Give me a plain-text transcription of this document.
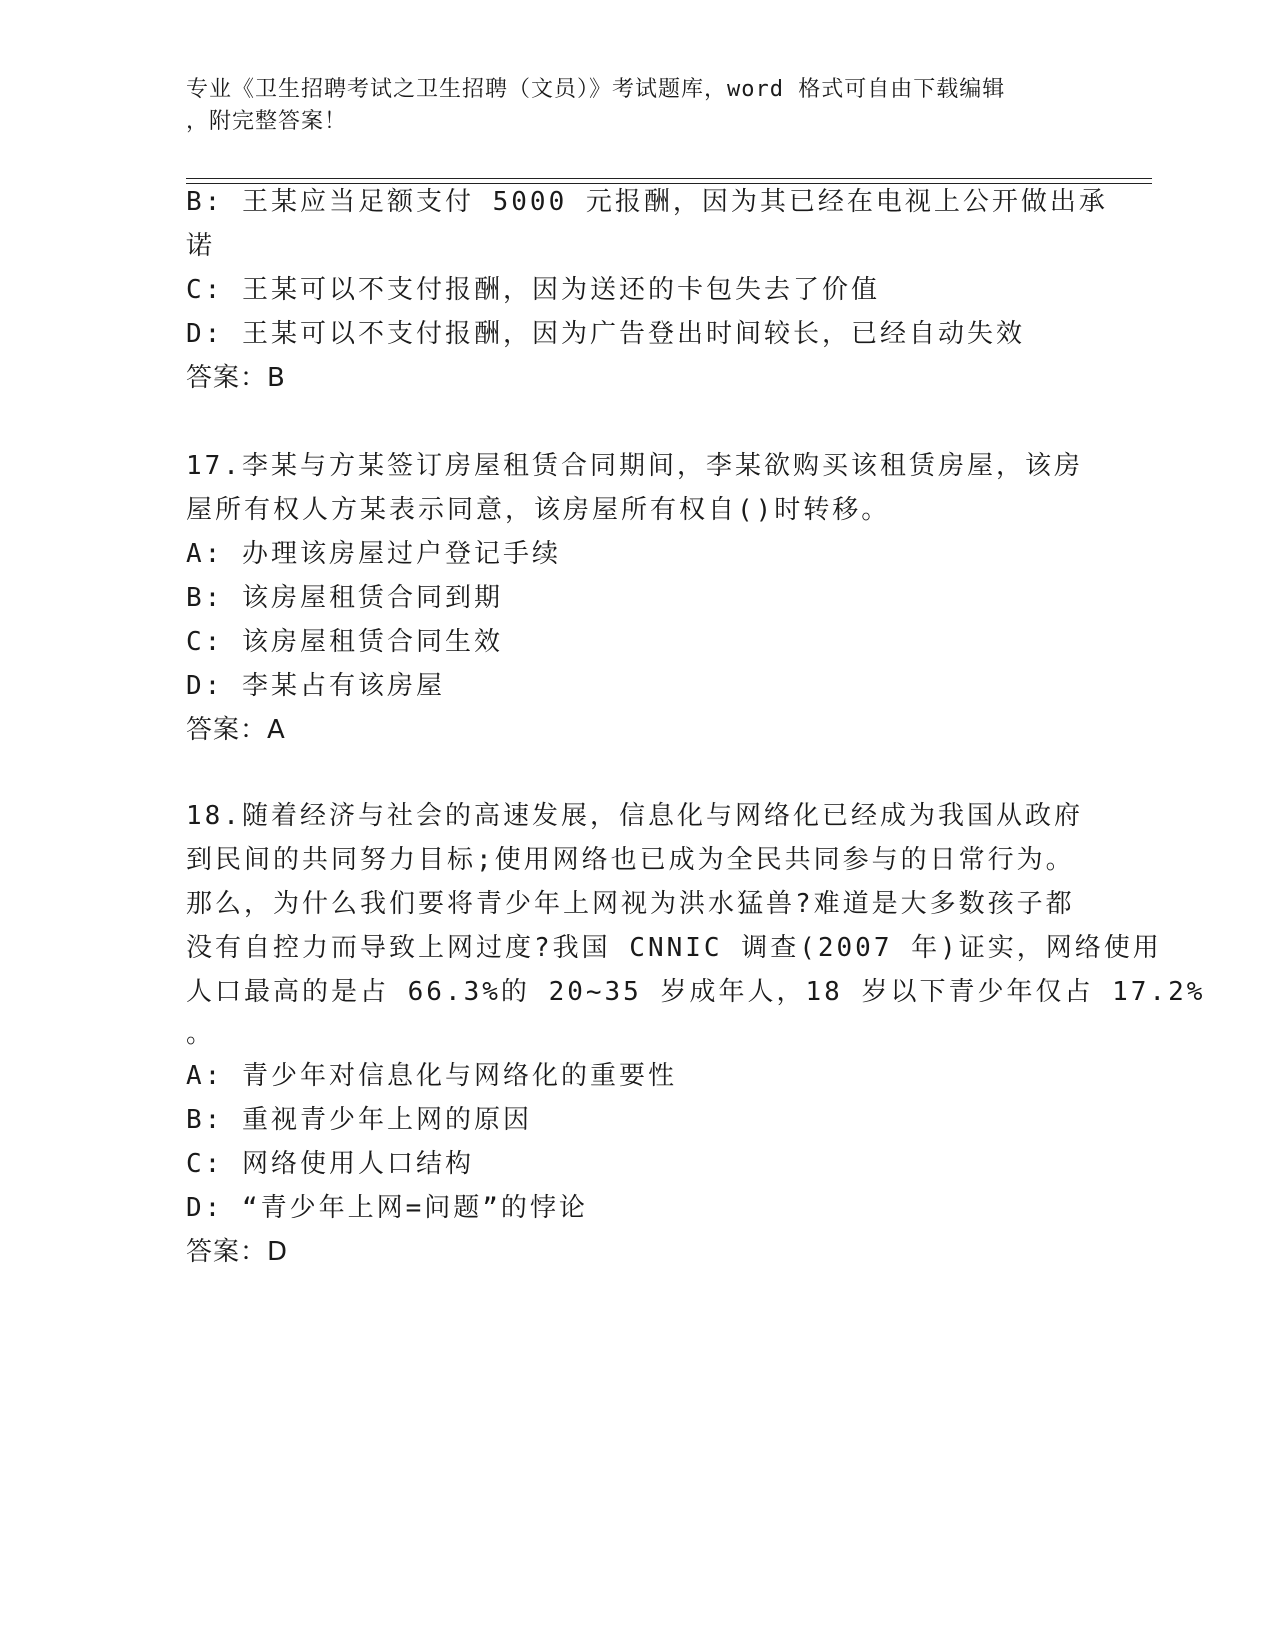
专业《卫生招聘考试之卫生招聘（文员）》考试题库，word 格式可自由下载编辑
，附完整答案！
B: 王某应当足额支付 5000 元报酬，因为其已经在电视上公开做出承
诺
C: 王某可以不支付报酬，因为送还的卡包失去了价值
D: 王某可以不支付报酬，因为广告登出时间较长，已经自动失效
答案：B
17.李某与方某签订房屋租赁合同期间，李某欲购买该租赁房屋，该房
屋所有权人方某表示同意，该房屋所有权自()时转移。
A: 办理该房屋过户登记手续
B: 该房屋租赁合同到期
C: 该房屋租赁合同生效
D: 李某占有该房屋
答案：A
18.随着经济与社会的高速发展，信息化与网络化已经成为我国从政府
到民间的共同努力目标;使用网络也已成为全民共同参与的日常行为。
那么，为什么我们要将青少年上网视为洪水猛兽?难道是大多数孩子都
没有自控力而导致上网过度?我国 CNNIC 调查(2007 年)证实，网络使用
人口最高的是占 66.3%的 20~35 岁成年人，18 岁以下青少年仅占 17.2%
。
A: 青少年对信息化与网络化的重要性
B: 重视青少年上网的原因
C: 网络使用人口结构
D: “青少年上网=问题”的悖论
答案：D
